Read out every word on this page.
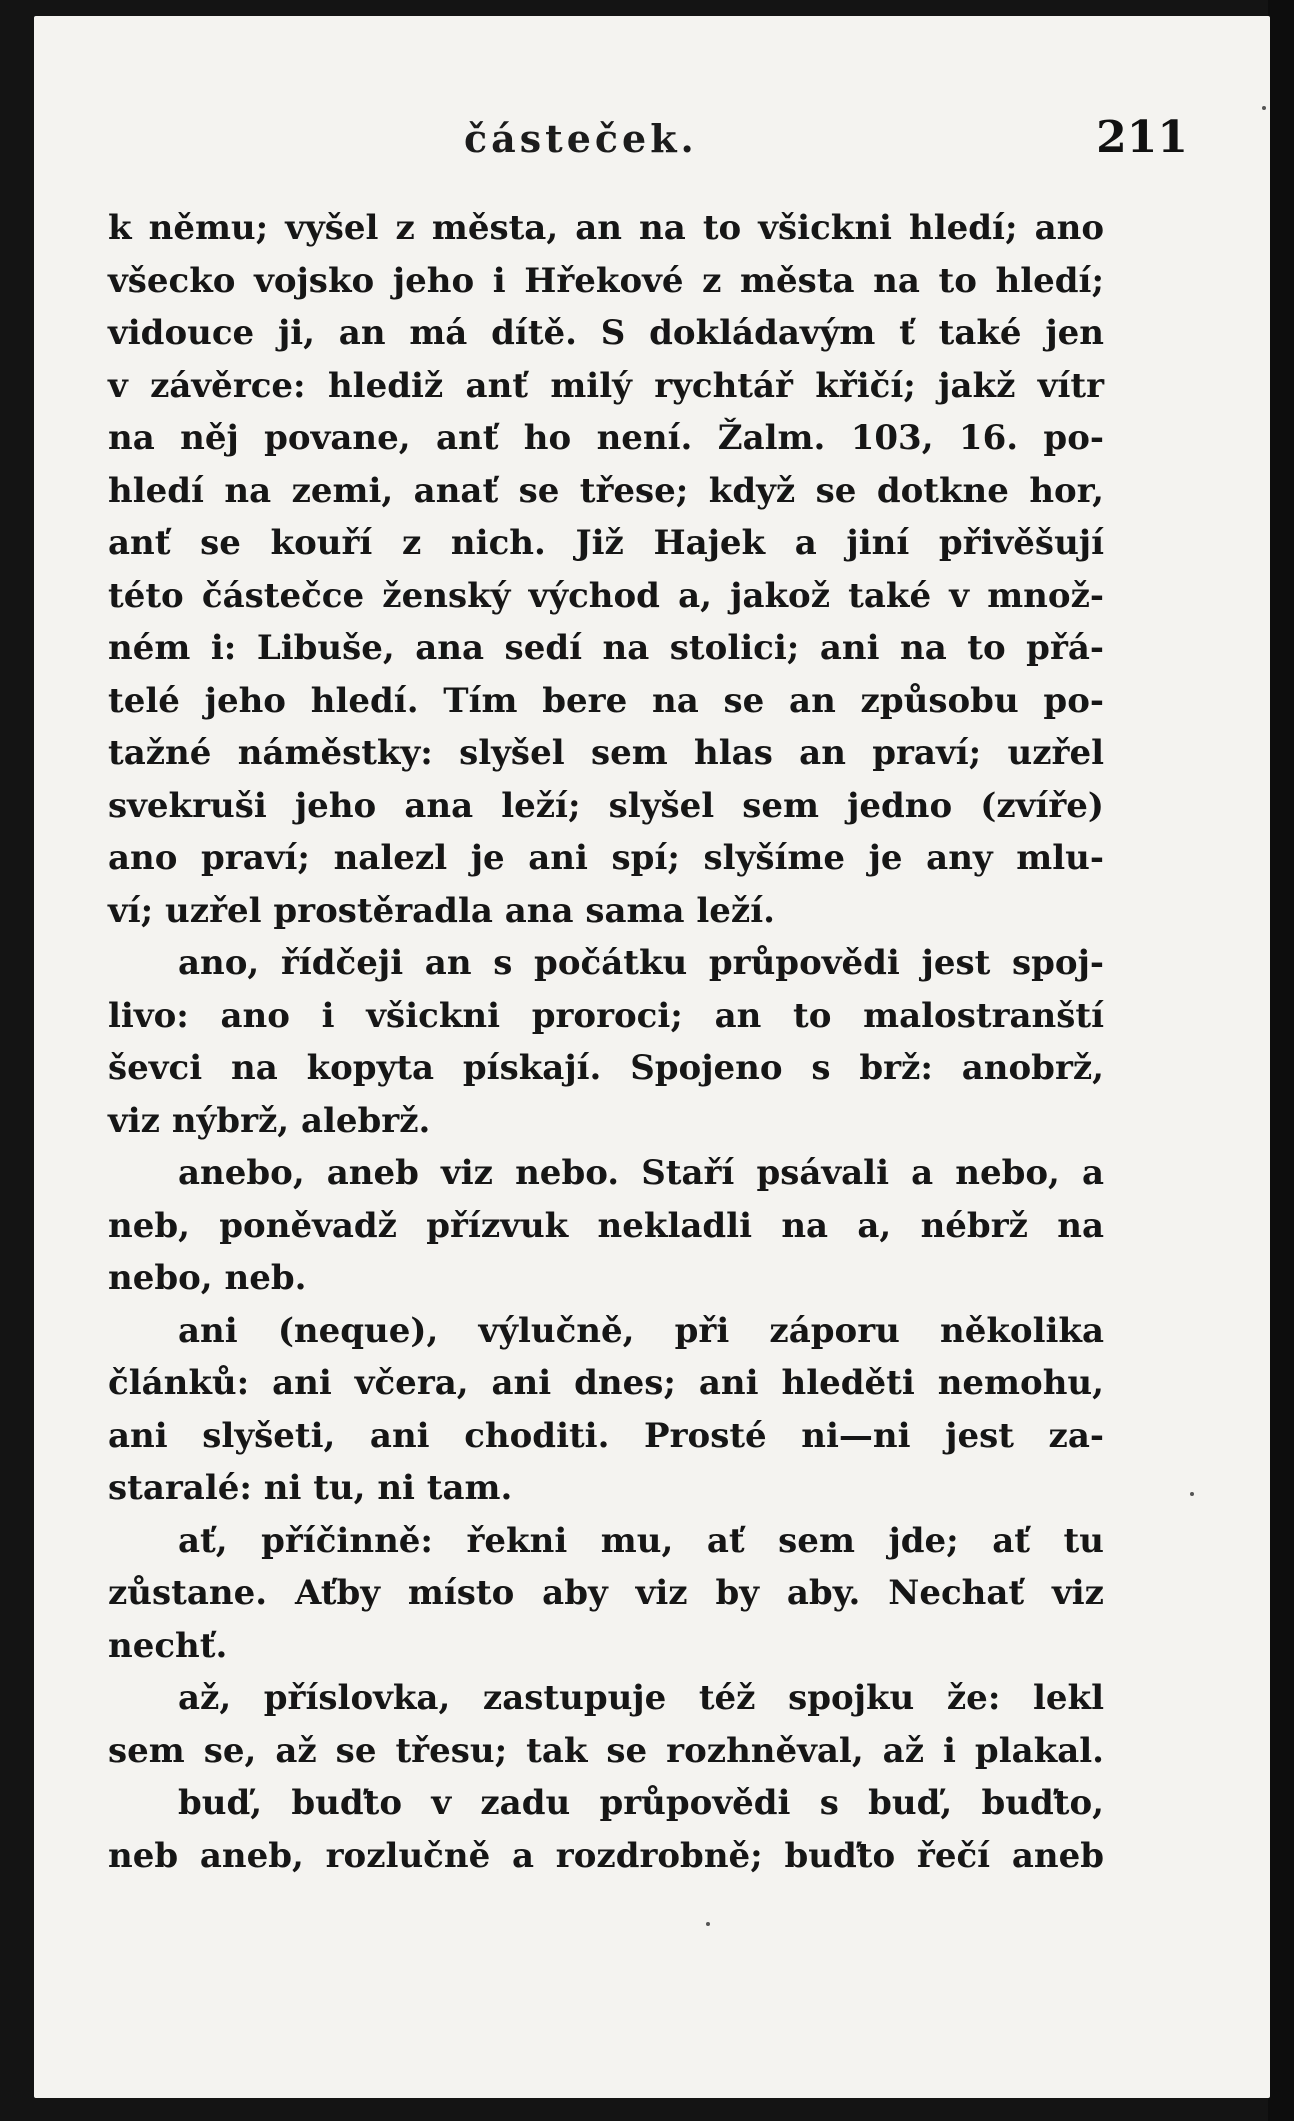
částeček.	211
k němu; vyšel z města, an na to všickni hledí; ano
všecko vojsko jeho i Hřekové z města na to hledí;
vidouce ji, an má dítě. S dokládavým ť také jen
v závěrce: hlediž anť milý rychtář křičí; jakž vítr
na něj povane, anť ho není. Žalm. 103, 16. po-
hledí na zemi, anať se třese; když se dotkne hor,
anť se kouří z nich. Již Hajek a jiní přivěšují
této částečce ženský východ a, jakož také v množ-
ném i: Libuše, ana sedí na stolici; ani na to přá-
telé jeho hledí. Tím bere na se an způsobu po-
tažné náměstky: slyšel sem hlas an praví; uzřel
svekruši jeho ana leží; slyšel sem jedno (zvíře)
ano praví; nalezl je ani spí; slyšíme je any mlu-
ví; uzřel prostěradla ana sama leží.
ano, řídčeji an s počátku průpovědi jest spoj-
livo: ano i všickni proroci; an to malostranští
ševci na kopyta pískají. Spojeno s brž: anobrž,
viz nýbrž, alebrž.
anebo, aneb viz nebo. Staří psávali a nebo, a
neb, poněvadž přízvuk nekladli na a, nébrž na
nebo, neb.
ani (neque), výlučně, při záporu několika
článků: ani včera, ani dnes; ani hleděti nemohu,
ani slyšeti, ani choditi. Prosté ni—ni jest za-
staralé: ni tu, ni tam.
ať, příčinně: řekni mu, ať sem jde; ať tu
zůstane. Aťby místo aby viz by aby. Nechať viz
nechť.
až, příslovka, zastupuje též spojku že: lekl
sem se, až se třesu; tak se rozhněval, až i plakal.
buď, buďto v zadu průpovědi s buď, buďto,
neb aneb, rozlučně a rozdrobně; buďto řečí aneb
